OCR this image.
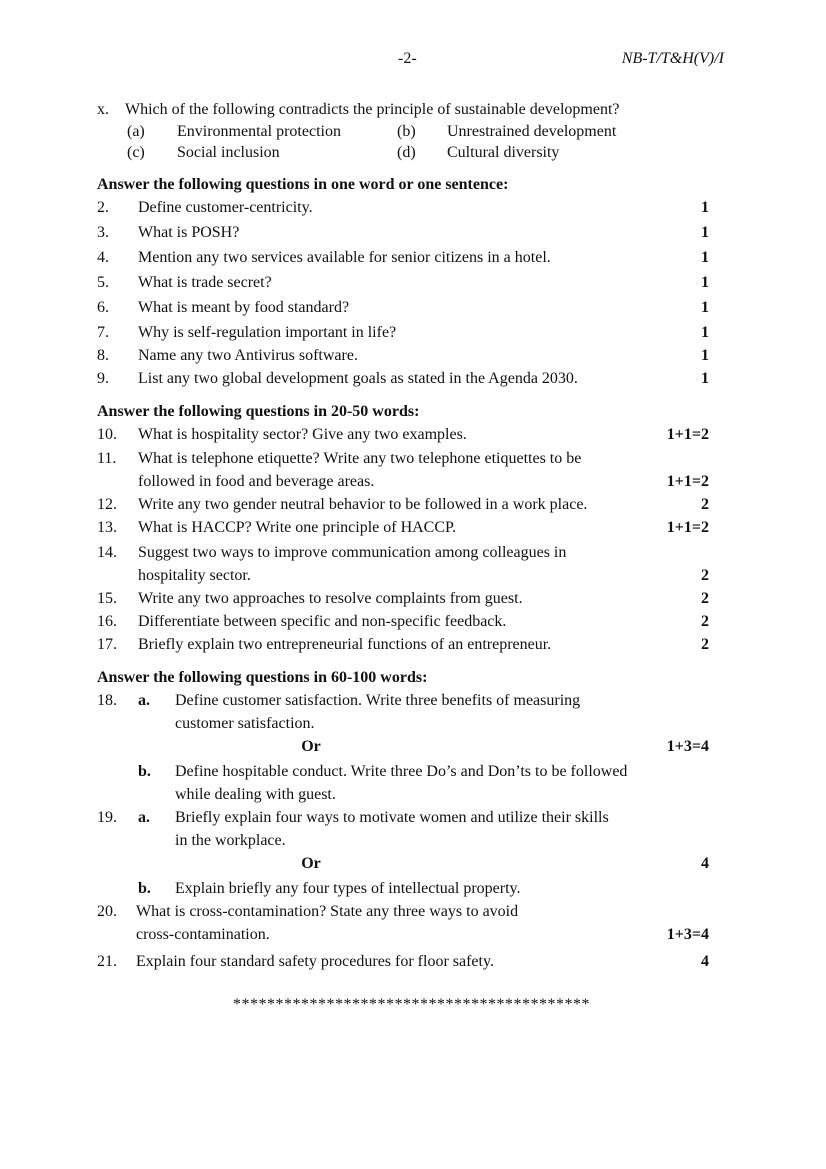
-2-	NB-T/T&H(V)/I
x.	Which of the following contradicts the principle of sustainable development?
(a)	Environmental protection	(b)	Unrestrained development
(c)	Social inclusion	(d)	Cultural diversity
Answer the following questions in one word or one sentence:
2.	Define customer-centricity.	1
3.	What is POSH?	1
4.	Mention any two services available for senior citizens in a hotel.	1
5.	What is trade secret?	1
6.	What is meant by food standard?	1
7.	Why is self-regulation important in life?	1
8.	Name any two Antivirus software.	1
9.	List any two global development goals as stated in the Agenda 2030.	1
Answer the following questions in 20-50 words:
10.	What is hospitality sector? Give any two examples.	1+1=2
11.	What is telephone etiquette? Write any two telephone etiquettes to be
followed in food and beverage areas.	1+1=2
12.	Write any two gender neutral behavior to be followed in a work place.	2
13.	What is HACCP? Write one principle of HACCP.	1+1=2
14.	Suggest two ways to improve communication among colleagues in
hospitality sector.	2
15.	Write any two approaches to resolve complaints from guest.	2
16.	Differentiate between specific and non-specific feedback.	2
17.	Briefly explain two entrepreneurial functions of an entrepreneur.	2
Answer the following questions in 60-100 words:
18.	a.	Define customer satisfaction. Write three benefits of measuring
customer satisfaction.
Or	1+3=4
b.	Define hospitable conduct. Write three Do’s and Don’ts to be followed
while dealing with guest.
19.	a.	Briefly explain four ways to motivate women and utilize their skills
in the workplace.
Or	4
b.	Explain briefly any four types of intellectual property.
20.	What is cross-contamination? State any three ways to avoid
cross-contamination.	1+3=4
21.	Explain four standard safety procedures for floor safety.	4
******************************************
